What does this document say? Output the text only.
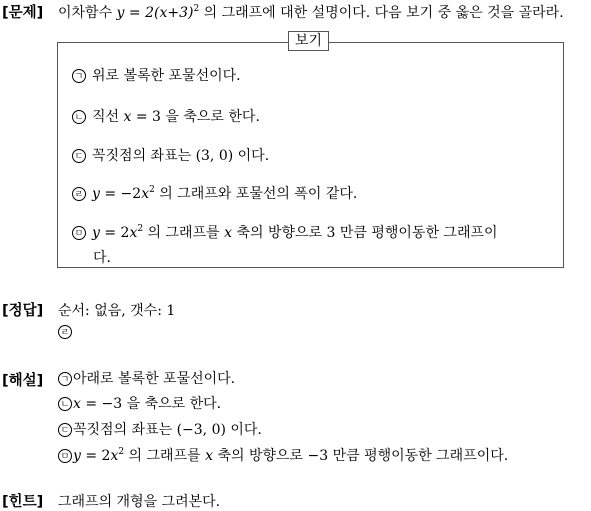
[문제] 이차함수 $y = 2(x+3)^2$ 의 그래프에 대한 설명이다. 다음 보기 중 옳은 것을 골라라.
보기
ㄱ 위로 볼록한 포물선이다.
ㄴ 직선 x = 3 을 축으로 한다.
ㄷ 꼭짓점의 좌표는 (3, 0) 이다.
ㄹ $y = -2x^2$ 의 그래프와 포물선의 폭이 같다.
ㅁ $y = 2x^2$ 의 그래프를 x 축의 방향으로 3 만큼 평행이동한 그래프이
다.
[정답] 순서: 없음, 갯수: 1
ㄹ
[해설] ㄱ 아래로 볼록한 포물선이다.
ㄴ x = −3 을 축으로 한다.
ㄷ 꼭짓점의 좌표는 (−3, 0) 이다.
ㅁ $y = 2x^2$ 의 그래프를 x 축의 방향으로 −3 만큼 평행이동한 그래프이다.
[힌트] 그래프의 개형을 그려본다.
